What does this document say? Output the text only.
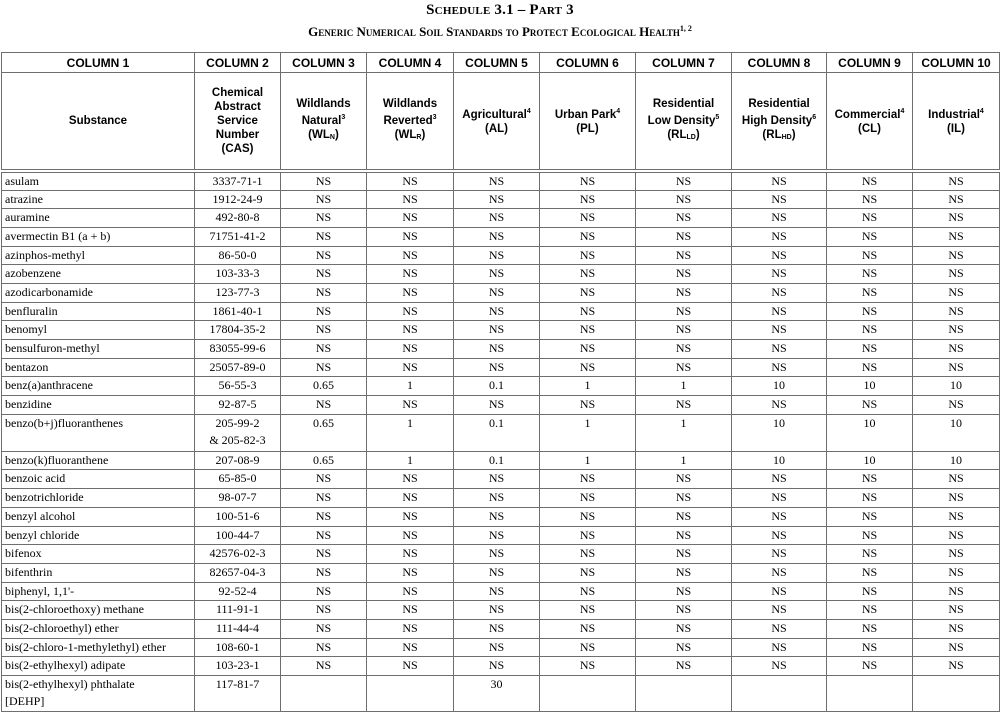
Schedule 3.1 – Part 3
Generic Numerical Soil Standards to Protect Ecological Health$^{1, 2}$
COLUMN 1	COLUMN 2	COLUMN 3	COLUMN 4	COLUMN 5	COLUMN 6	COLUMN 7	COLUMN 8	COLUMN 9	COLUMN 10
Substance	Chemical
Abstract
Service
Number
(CAS)	Wildlands
Natural$^3$
$(WL_N)$	Wildlands
Reverted$^3$
$(WL_R)$	Agricultural$^4$
(AL)	Urban Park$^4$
(PL)	Residential
Low Density$^5$
$(RL_{LD})$	Residential
High Density$^6$
$(RL_{HD})$	Commercial$^4$
(CL)	Industrial$^4$
(IL)
asulam	3337-71-1	NS	NS	NS	NS	NS	NS	NS	NS
atrazine	1912-24-9	NS	NS	NS	NS	NS	NS	NS	NS
auramine	492-80-8	NS	NS	NS	NS	NS	NS	NS	NS
avermectin B1 (a + b)	71751-41-2	NS	NS	NS	NS	NS	NS	NS	NS
azinphos-methyl	86-50-0	NS	NS	NS	NS	NS	NS	NS	NS
azobenzene	103-33-3	NS	NS	NS	NS	NS	NS	NS	NS
azodicarbonamide	123-77-3	NS	NS	NS	NS	NS	NS	NS	NS
benfluralin	1861-40-1	NS	NS	NS	NS	NS	NS	NS	NS
benomyl	17804-35-2	NS	NS	NS	NS	NS	NS	NS	NS
bensulfuron-methyl	83055-99-6	NS	NS	NS	NS	NS	NS	NS	NS
bentazon	25057-89-0	NS	NS	NS	NS	NS	NS	NS	NS
benz(a)anthracene	56-55-3	0.65	1	0.1	1	1	10	10	10
benzidine	92-87-5	NS	NS	NS	NS	NS	NS	NS	NS
benzo(b+j)fluoranthenes	205-99-2
& 205-82-3	0.65	1	0.1	1	1	10	10	10
benzo(k)fluoranthene	207-08-9	0.65	1	0.1	1	1	10	10	10
benzoic acid	65-85-0	NS	NS	NS	NS	NS	NS	NS	NS
benzotrichloride	98-07-7	NS	NS	NS	NS	NS	NS	NS	NS
benzyl alcohol	100-51-6	NS	NS	NS	NS	NS	NS	NS	NS
benzyl chloride	100-44-7	NS	NS	NS	NS	NS	NS	NS	NS
bifenox	42576-02-3	NS	NS	NS	NS	NS	NS	NS	NS
bifenthrin	82657-04-3	NS	NS	NS	NS	NS	NS	NS	NS
biphenyl, 1,1'-	92-52-4	NS	NS	NS	NS	NS	NS	NS	NS
bis(2-chloroethoxy) methane	111-91-1	NS	NS	NS	NS	NS	NS	NS	NS
bis(2-chloroethyl) ether	111-44-4	NS	NS	NS	NS	NS	NS	NS	NS
bis(2-chloro-1-methylethyl) ether	108-60-1	NS	NS	NS	NS	NS	NS	NS	NS
bis(2-ethylhexyl) adipate	103-23-1	NS	NS	NS	NS	NS	NS	NS	NS
bis(2-ethylhexyl) phthalate
[DEHP]	117-81-7			30					
